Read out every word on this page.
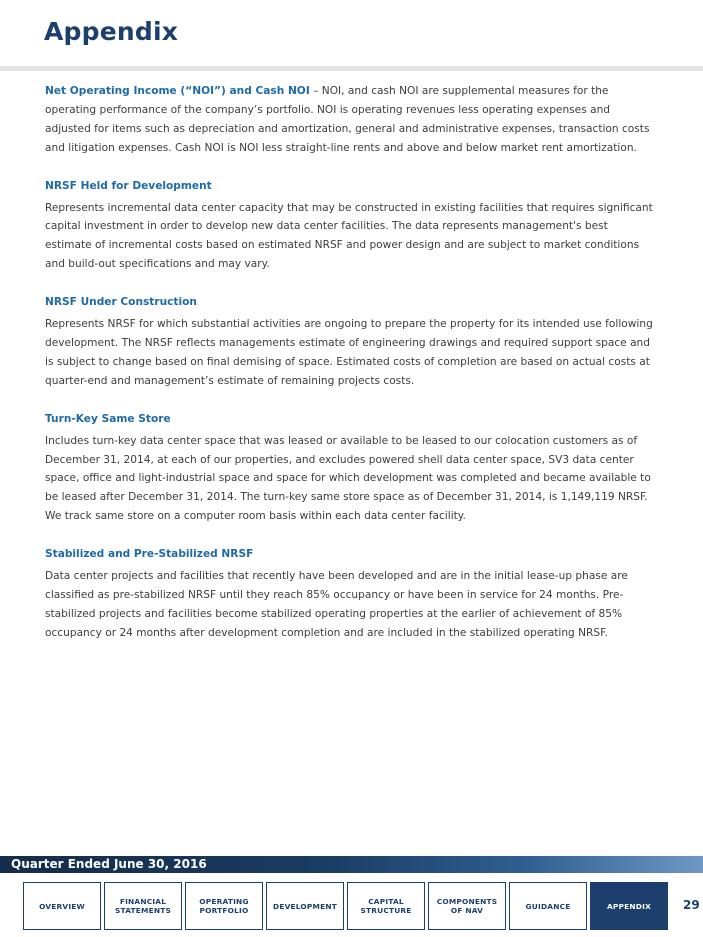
Appendix

Net Operating Income (“NOI”) and Cash NOI – NOI, and cash NOI are supplemental measures for the operating performance of the company’s portfolio. NOI is operating revenues less operating expenses and adjusted for items such as depreciation and amortization, general and administrative expenses, transaction costs and litigation expenses. Cash NOI is NOI less straight-line rents and above and below market rent amortization.

NRSF Held for Development

Represents incremental data center capacity that may be constructed in existing facilities that requires significant capital investment in order to develop new data center facilities. The data represents management's best estimate of incremental costs based on estimated NRSF and power design and are subject to market conditions and build-out specifications and may vary.

NRSF Under Construction

Represents NRSF for which substantial activities are ongoing to prepare the property for its intended use following development. The NRSF reflects managements estimate of engineering drawings and required support space and is subject to change based on final demising of space. Estimated costs of completion are based on actual costs at quarter-end and management’s estimate of remaining projects costs.

Turn-Key Same Store

Includes turn-key data center space that was leased or available to be leased to our colocation customers as of December 31, 2014, at each of our properties, and excludes powered shell data center space, SV3 data center space, office and light-industrial space and space for which development was completed and became available to be leased after December 31, 2014. The turn-key same store space as of December 31, 2014, is 1,149,119 NRSF. We track same store on a computer room basis within each data center facility.

Stabilized and Pre-Stabilized NRSF

Data center projects and facilities that recently have been developed and are in the initial lease-up phase are classified as pre-stabilized NRSF until they reach 85% occupancy or have been in service for 24 months. Pre-stabilized projects and facilities become stabilized operating properties at the earlier of achievement of 85% occupancy or 24 months after development completion and are included in the stabilized operating NRSF.

Quarter Ended June 30, 2016
OVERVIEW	FINANCIAL
STATEMENTS
OPERATING
PORTFOLIO	DEVELOPMENT	CAPITAL
STRUCTURE
COMPONENTS
OF NAV	GUIDANCE	APPENDIX	29
